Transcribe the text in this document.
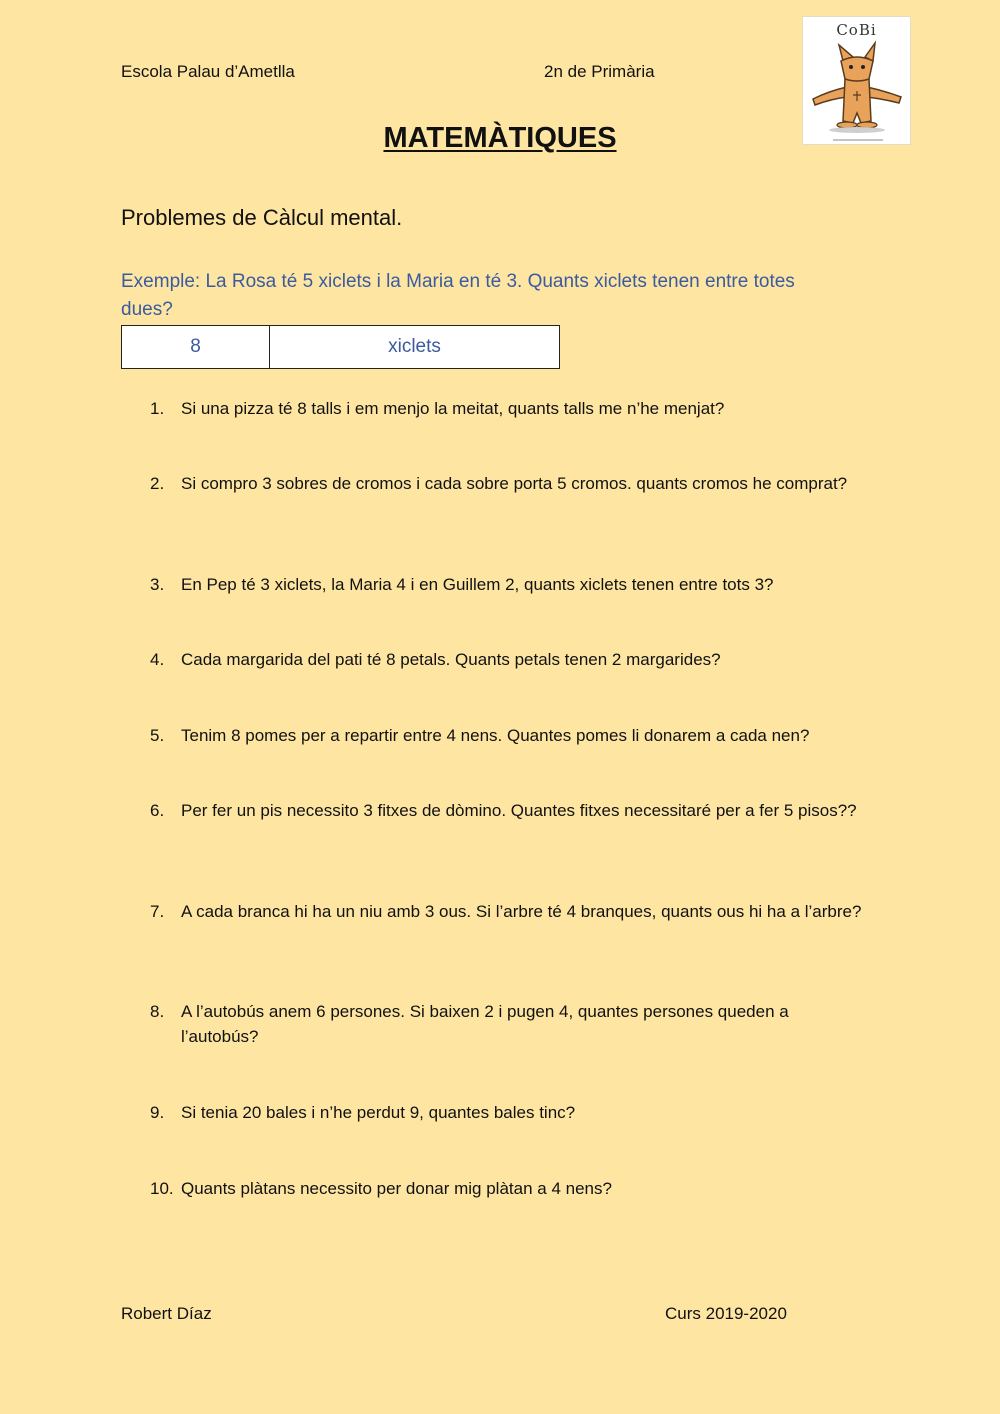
Escola Palau d’Ametlla	2n de Primària
CoBi
MATEMÀTIQUES
Problemes de Càlcul mental.
Exemple: La Rosa té 5 xiclets i la Maria en té 3. Quants xiclets tenen entre totes dues?
8	xiclets
1. Si una pizza té 8 talls i em menjo la meitat, quants talls me n’he menjat?
2. Si compro 3 sobres de cromos i cada sobre porta 5 cromos. quants cromos he comprat?
3. En Pep té 3 xiclets, la Maria 4 i en Guillem 2, quants xiclets tenen entre tots 3?
4. Cada margarida del pati té 8 petals. Quants petals tenen 2 margarides?
5. Tenim 8 pomes per a repartir entre 4 nens. Quantes pomes li donarem a cada nen?
6. Per fer un pis necessito 3 fitxes de dòmino. Quantes fitxes necessitaré per a fer 5 pisos??
7. A cada branca hi ha un niu amb 3 ous. Si l’arbre té 4 branques, quants ous hi ha a l’arbre?
8. A l’autobús anem 6 persones. Si baixen 2 i pugen 4, quantes persones queden a l’autobús?
9. Si tenia 20 bales i n’he perdut 9, quantes bales tinc?
10. Quants plàtans necessito per donar mig plàtan a 4 nens?
Robert Díaz	Curs 2019-2020
